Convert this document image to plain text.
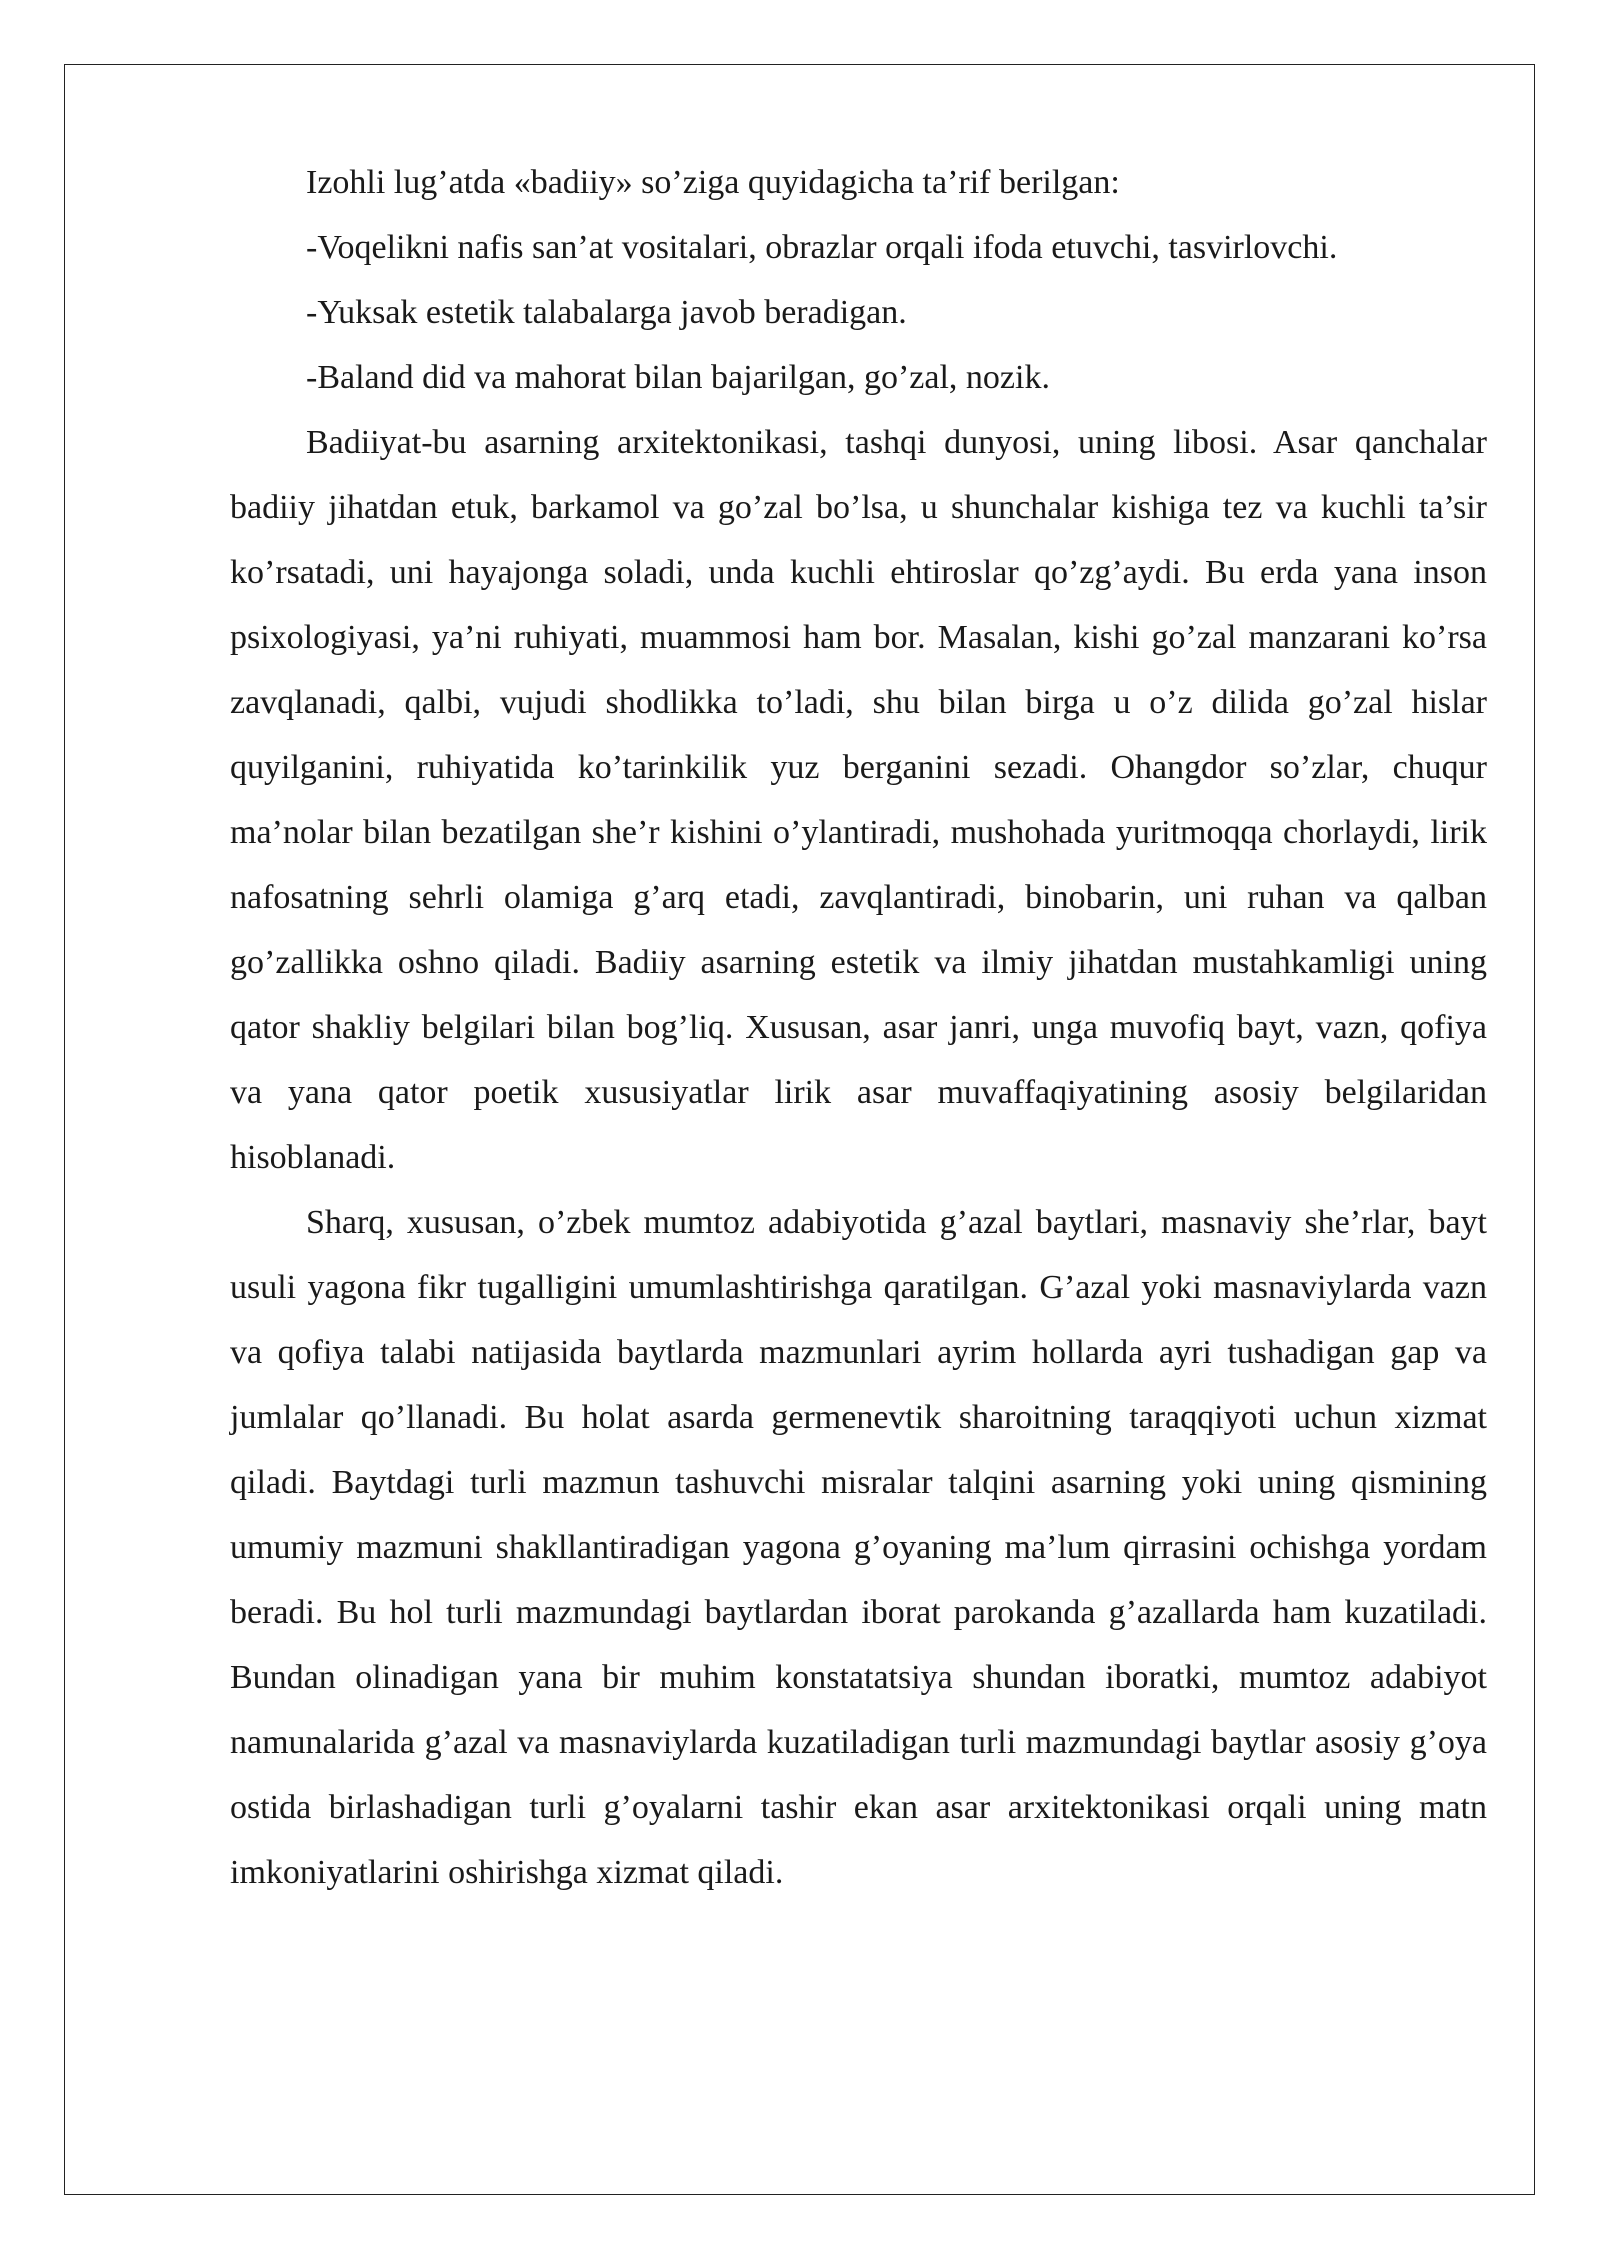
Izohli lug’atda «badiiy» so’ziga quyidagicha ta’rif berilgan:

-Voqelikni nafis san’at vositalari, obrazlar orqali ifoda etuvchi, tasvirlovchi.

-Yuksak estetik talabalarga javob beradigan.

-Baland did va mahorat bilan bajarilgan, go’zal, nozik.

Badiiyat-bu asarning arxitektonikasi, tashqi dunyosi, uning libosi. Asar qanchalar badiiy jihatdan etuk, barkamol va go’zal bo’lsa, u shunchalar kishiga tez va kuchli ta’sir ko’rsatadi, uni hayajonga soladi, unda kuchli ehtiroslar qo’zg’aydi. Bu erda yana inson psixologiyasi, ya’ni ruhiyati, muammosi ham bor. Masalan, kishi go’zal manzarani ko’rsa zavqlanadi, qalbi, vujudi shodlikka to’ladi, shu bilan birga u o’z dilida go’zal hislar quyilganini, ruhiyatida ko’tarinkilik yuz berganini sezadi. Ohangdor so’zlar, chuqur ma’nolar bilan bezatilgan she’r kishini o’ylantiradi, mushohada yuritmoqqa chorlaydi, lirik nafosatning sehrli olamiga g’arq etadi, zavqlantiradi, binobarin, uni ruhan va qalban go’zallikka oshno qiladi. Badiiy asarning estetik va ilmiy jihatdan mustahkamligi uning qator shakliy belgilari bilan bog’liq. Xususan, asar janri, unga muvofiq bayt, vazn, qofiya va yana qator poetik xususiyatlar lirik asar muvaffaqiyatining asosiy belgilaridan hisoblanadi.

Sharq, xususan, o’zbek mumtoz adabiyotida g’azal baytlari, masnaviy she’rlar, bayt usuli yagona fikr tugalligini umumlashtirishga qaratilgan. G’azal yoki masnaviylarda vazn va qofiya talabi natijasida baytlarda mazmunlari ayrim hollarda ayri tushadigan gap va jumlalar qo’llanadi. Bu holat asarda germenevtik sharoitning taraqqiyoti uchun xizmat qiladi. Baytdagi turli mazmun tashuvchi misralar talqini asarning yoki uning qismining umumiy mazmuni shakllantiradigan yagona g’oyaning ma’lum qirrasini ochishga yordam beradi. Bu hol turli mazmundagi baytlardan iborat parokanda g’azallarda ham kuzatiladi. Bundan olinadigan yana bir muhim konstatatsiya shundan iboratki, mumtoz adabiyot namunalarida g’azal va masnaviylarda kuzatiladigan turli mazmundagi baytlar asosiy g’oya ostida birlashadigan turli g’oyalarni tashir ekan asar arxitektonikasi orqali uning matn imkoniyatlarini oshirishga xizmat qiladi.
